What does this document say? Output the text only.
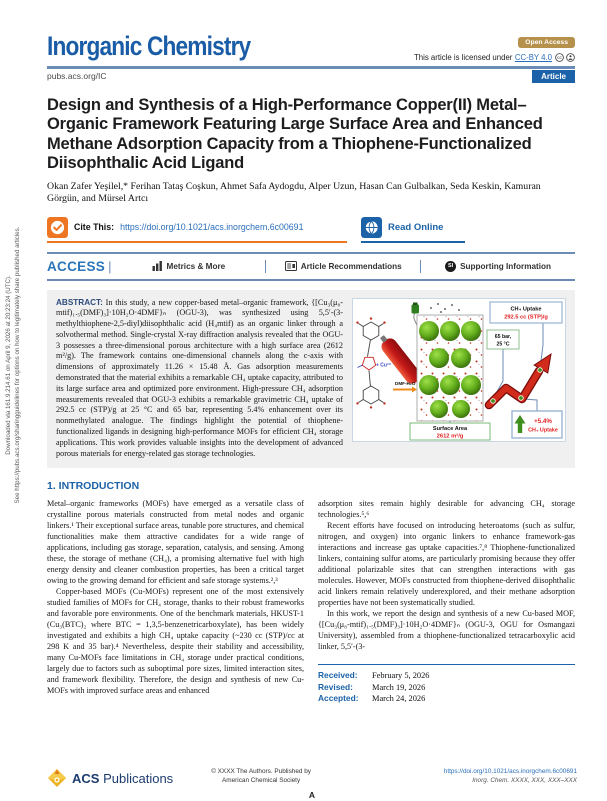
Downloaded via 161.9.214.61 on April 9, 2026 at 20:23:24 (UTC). See https://pubs.acs.org/sharingguidelines for options on how to legitimately share published articles.
Inorganic Chemistry	Open Access
This article is licensed under CC-BY 4.0 cc
pubs.acs.org/IC	Article
Design and Synthesis of a High-Performance Copper(II) Metal–Organic Framework Featuring Large Surface Area and Enhanced Methane Adsorption Capacity from a Thiophene-Functionalized Diisophthalic Acid Ligand
Okan Zafer Yeşilel,* Ferihan Tataş Coşkun, Ahmet Safa Aydogdu, Alper Uzun, Hasan Can Gulbalkan, Seda Keskin, Kamuran Görgün, and Mürsel Artcı
Cite This: https://doi.org/10.1021/acs.inorgchem.6c00691	Read Online
ACCESS |	Metrics & More	Article Recommendations	SI Supporting Information
+ Cu²⁺
DMF-H₂O
Surface Area
2612 m²/g
CH₄ Uptake
292.5 cc (STP)/g
65 bar,
25 °C
+5.4%
CH₄ Uptake
ABSTRACT: In this study, a new copper-based metal–organic framework, {[Cu₃(μ₈-mtif)₁.₅(DMF)₃]·10H₂O·4DMF}ₙ (OGU-3), was synthesized using 5,5′-(3-methylthiophene-2,5-diyl)diisophthalic acid (H₄mtif) as an organic linker through a solvothermal method. Single-crystal X-ray diffraction analysis revealed that the OGU-3 possesses a three-dimensional porous architecture with a high surface area (2612 m²/g). The framework contains one-dimensional channels along the c-axis with dimensions of approximately 11.26 × 15.48 Å. Gas adsorption measurements demonstrated that the material exhibits a remarkable CH₄ uptake capacity, attributed to its large surface area and optimized pore environment. High-pressure CH₄ adsorption measurements revealed that OGU-3 exhibits a remarkable gravimetric CH₄ uptake of 292.5 cc (STP)/g at 25 °C and 65 bar, representing 5.4% enhancement over its nonmethylated analogue. The findings highlight the potential of thiophene-functionalized ligands in designing high-performance MOFs for efficient CH₄ storage applications. This work provides valuable insights into the development of advanced porous materials for energy-related gas storage technologies.
1. INTRODUCTION

Metal–organic frameworks (MOFs) have emerged as a versatile class of crystalline porous materials constructed from metal nodes and organic linkers.¹ Their exceptional surface areas, tunable pore structures, and chemical functionalities make them attractive candidates for a wide range of applications, including gas storage, separation, catalysis, and sensing. Among these, the storage of methane (CH₄), a promising alternative fuel with high energy density and cleaner combustion properties, has been a critical target owing to the growing demand for efficient and safe storage systems.²,³

Copper-based MOFs (Cu-MOFs) represent one of the most extensively studied families of MOFs for CH₄ storage, thanks to their robust frameworks and favorable pore environments. One of the benchmark materials, HKUST-1 (Cu₃(BTC)₂ where BTC = 1,3,5-benzenetricarboxylate), has been widely investigated and exhibits a high CH₄ uptake capacity (~230 cc (STP)/cc at 298 K and 35 bar).⁴ Nevertheless, despite their stability and accessibility, many Cu-MOFs face limitations in CH₄ storage under practical conditions, largely due to factors such as suboptimal pore sizes, limited interaction sites, and framework flexibility. Therefore, the design and synthesis of new Cu-MOFs with improved surface areas and enhanced

adsorption sites remain highly desirable for advancing CH₄ storage technologies.⁵,⁶

Recent efforts have focused on introducing heteroatoms (such as sulfur, nitrogen, and oxygen) into organic linkers to enhance framework-gas interactions and increase gas uptake capacities.⁷,⁸ Thiophene-functionalized linkers, containing sulfur atoms, are particularly promising because they offer additional polarizable sites that can strengthen interactions with gas molecules. However, MOFs constructed from thiophene-derived diisophthalic acid linkers remain relatively underexplored, and their methane adsorption properties have not been systematically studied.

In this work, we report the design and synthesis of a new Cu-based MOF, {[Cu₃(μ₈-mtif)₁.₅(DMF)₃]·10H₂O·4DMF}ₙ (OGU-3, OGU for Osmangazi University), assembled from a thiophene-functionalized tetracarboxylic acid linker, 5,5′-(3-

Received: February 5, 2026
Revised: March 19, 2026
Accepted: March 24, 2026
ACS Publications	© XXXX The Authors. Published by
American Chemical Society
A
https://doi.org/10.1021/acs.inorgchem.6c00691
Inorg. Chem. XXXX, XXX, XXX–XXX
